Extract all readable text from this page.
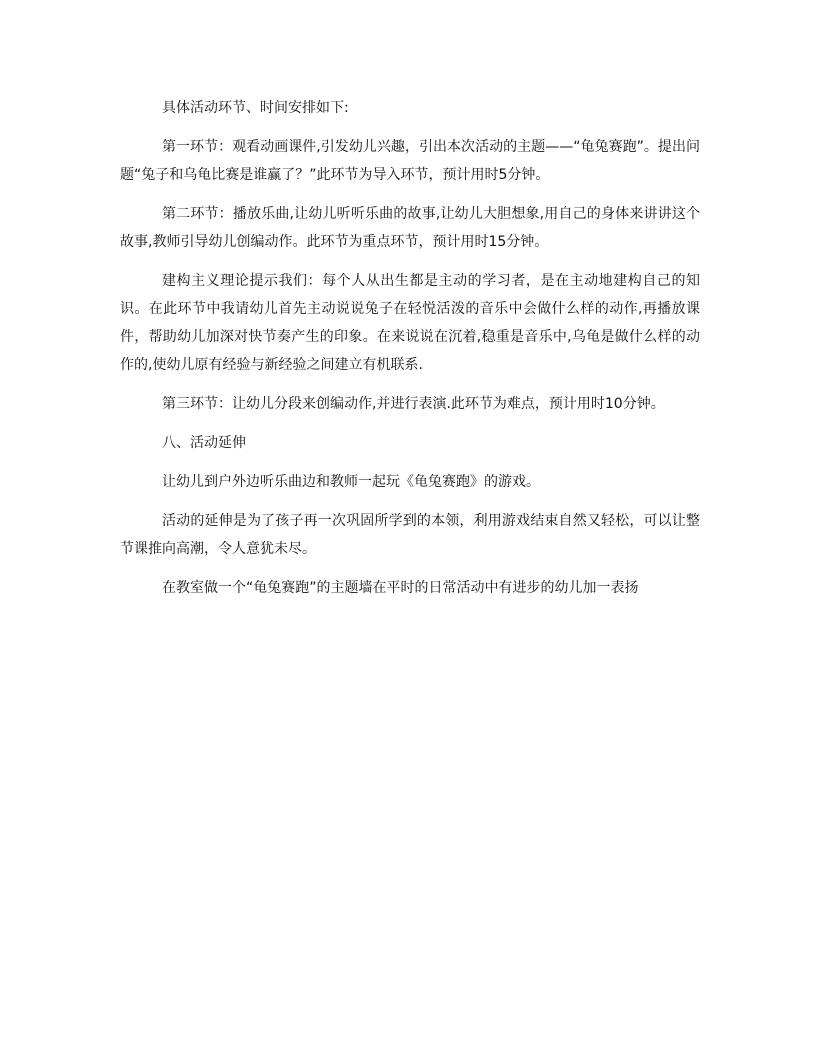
具体活动环节、时间安排如下:

第一环节：观看动画课件,引发幼儿兴趣，引出本次活动的主题——“龟兔赛跑”。提出问题“兔子和乌龟比赛是谁赢了？”此环节为导入环节，预计用时5分钟。

第二环节：播放乐曲,让幼儿听听乐曲的故事,让幼儿大胆想象,用自己的身体来讲讲这个故事,教师引导幼儿创编动作。此环节为重点环节，预计用时15分钟。

建构主义理论提示我们：每个人从出生都是主动的学习者，是在主动地建构自己的知识。在此环节中我请幼儿首先主动说说兔子在轻悦活泼的音乐中会做什么样的动作,再播放课件，帮助幼儿加深对快节奏产生的印象。在来说说在沉着,稳重是音乐中,乌龟是做什么样的动作的,使幼儿原有经验与新经验之间建立有机联系.

第三环节：让幼儿分段来创编动作,并进行表演.此环节为难点，预计用时10分钟。

八、活动延伸

让幼儿到户外边听乐曲边和教师一起玩《龟兔赛跑》的游戏。

活动的延伸是为了孩子再一次巩固所学到的本领，利用游戏结束自然又轻松，可以让整节课推向高潮，令人意犹未尽。

在教室做一个“龟兔赛跑”的主题墙在平时的日常活动中有进步的幼儿加一表扬
